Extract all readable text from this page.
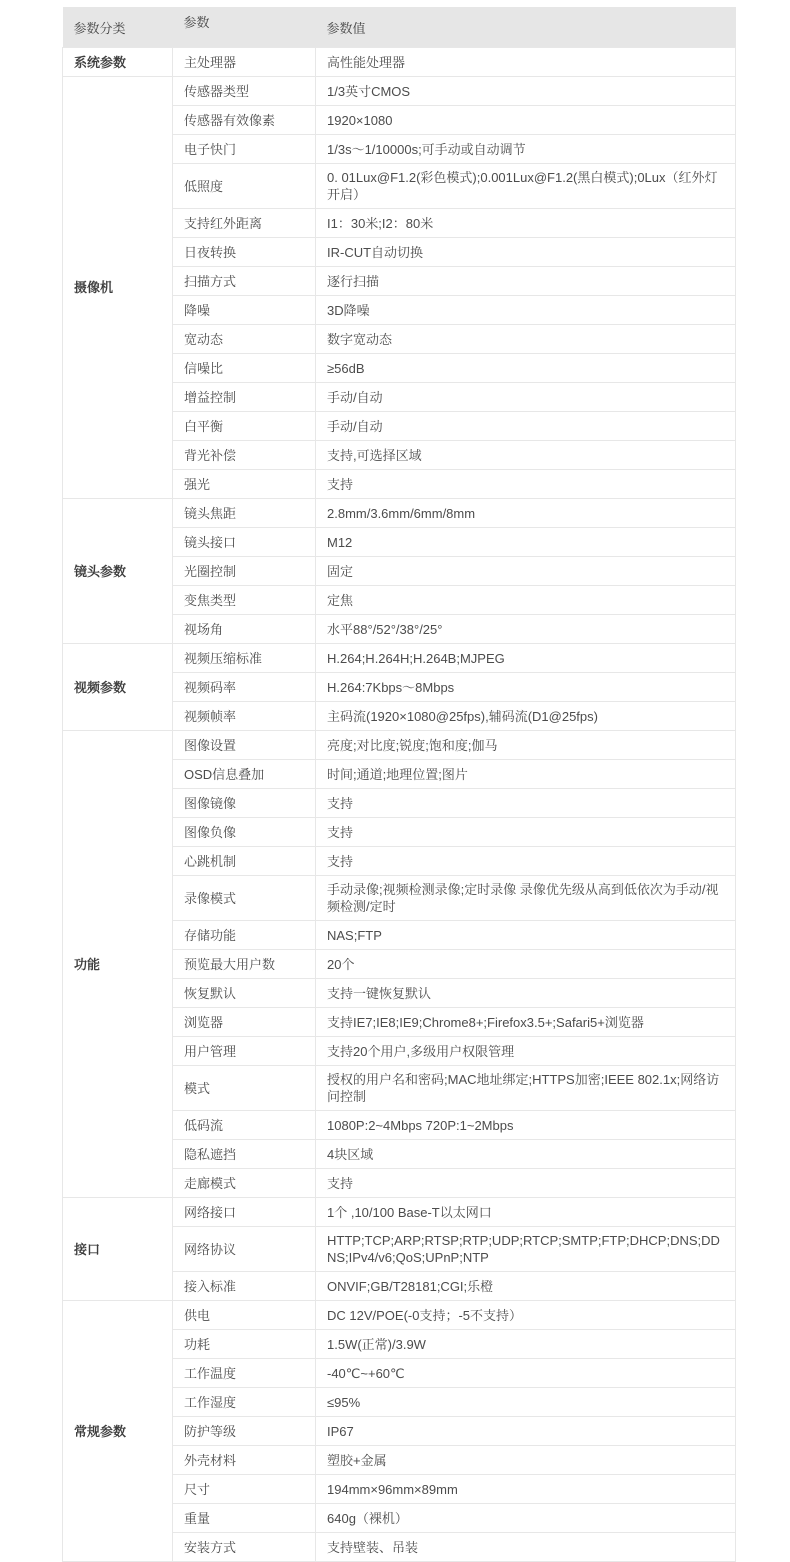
参数分类	参数	参数值
系统参数	主处理器	高性能处理器
摄像机	传感器类型	1/3英寸CMOS
	传感器有效像素	1920×1080
	电子快门	1/3s～1/10000s;可手动或自动调节
	低照度	0. 01Lux@F1.2(彩色模式);0.001Lux@F1.2(黑白模式);0Lux（红外灯开启）
	支持红外距离	I1：30米;I2：80米
	日夜转换	IR-CUT自动切换
	扫描方式	逐行扫描
	降噪	3D降噪
	宽动态	数字宽动态
	信噪比	≥56dB
	增益控制	手动/自动
	白平衡	手动/自动
	背光补偿	支持,可选择区域
	强光	支持
镜头参数	镜头焦距	2.8mm/3.6mm/6mm/8mm
	镜头接口	M12
	光圈控制	固定
	变焦类型	定焦
	视场角	水平88°/52°/38°/25°
视频参数	视频压缩标准	H.264;H.264H;H.264B;MJPEG
	视频码率	H.264:7Kbps～8Mbps
	视频帧率	主码流(1920×1080@25fps),辅码流(D1@25fps)
功能	图像设置	亮度;对比度;锐度;饱和度;伽马
	OSD信息叠加	时间;通道;地理位置;图片
	图像镜像	支持
	图像负像	支持
	心跳机制	支持
	录像模式	手动录像;视频检测录像;定时录像 录像优先级从高到低依次为手动/视频检测/定时
	存储功能	NAS;FTP
	预览最大用户数	20个
	恢复默认	支持一键恢复默认
	浏览器	支持IE7;IE8;IE9;Chrome8+;Firefox3.5+;Safari5+浏览器
	用户管理	支持20个用户,多级用户权限管理
	模式	授权的用户名和密码;MAC地址绑定;HTTPS加密;IEEE 802.1x;网络访问控制
	低码流	1080P:2~4Mbps 720P:1~2Mbps
	隐私遮挡	4块区域
	走廊模式	支持
接口	网络接口	1个 ,10/100 Base-T以太网口
	网络协议	HTTP;TCP;ARP;RTSP;RTP;UDP;RTCP;SMTP;FTP;DHCP;DNS;DDNS;IPv4/v6;QoS;UPnP;NTP
	接入标准	ONVIF;GB/T28181;CGI;乐橙
常规参数	供电	DC 12V/POE(-0支持；-5不支持）
	功耗	1.5W(正常)/3.9W
	工作温度	-40℃~+60℃
	工作湿度	≤95%
	防护等级	IP67
	外壳材料	塑胶+金属
	尺寸	194mm×96mm×89mm
	重量	640g（裸机）
	安装方式	支持壁装、吊装
